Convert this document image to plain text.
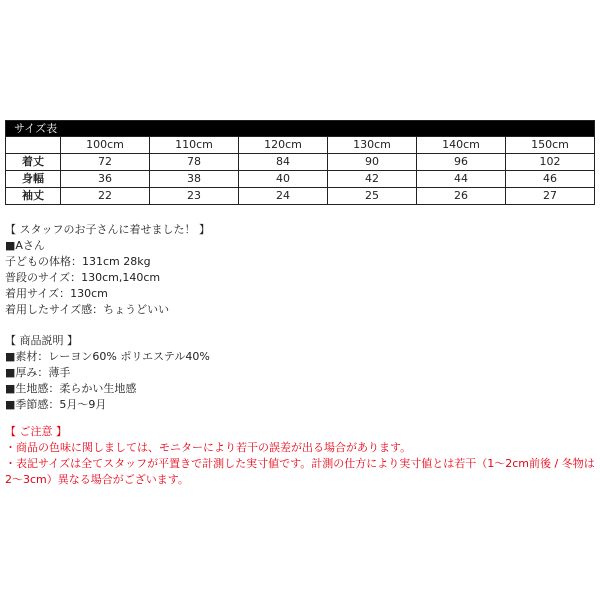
サイズ表						
	100cm	110cm	120cm	130cm	140cm	150cm
着丈	72	78	84	90	96	102
身幅	36	38	40	42	44	46
袖丈	22	23	24	25	26	27

【 スタッフのお子さんに着せました！ 】

■Aさん

子どもの体格：131cm 28kg

普段のサイズ：130cm,140cm

着用サイズ：130cm

着用したサイズ感：ちょうどいい

【 商品説明 】

■素材：レーヨン60% ポリエステル40%

■厚み：薄手

■生地感：柔らかい生地感

■季節感：5月～9月

【 ご注意 】

・商品の色味に関しましては、モニターにより若干の誤差が出る場合があります。

・表記サイズは全てスタッフが平置きで計測した実寸値です。計測の仕方により実寸値とは若干（1～2cm前後 / 冬物は2～3cm）異なる場合がございます。
